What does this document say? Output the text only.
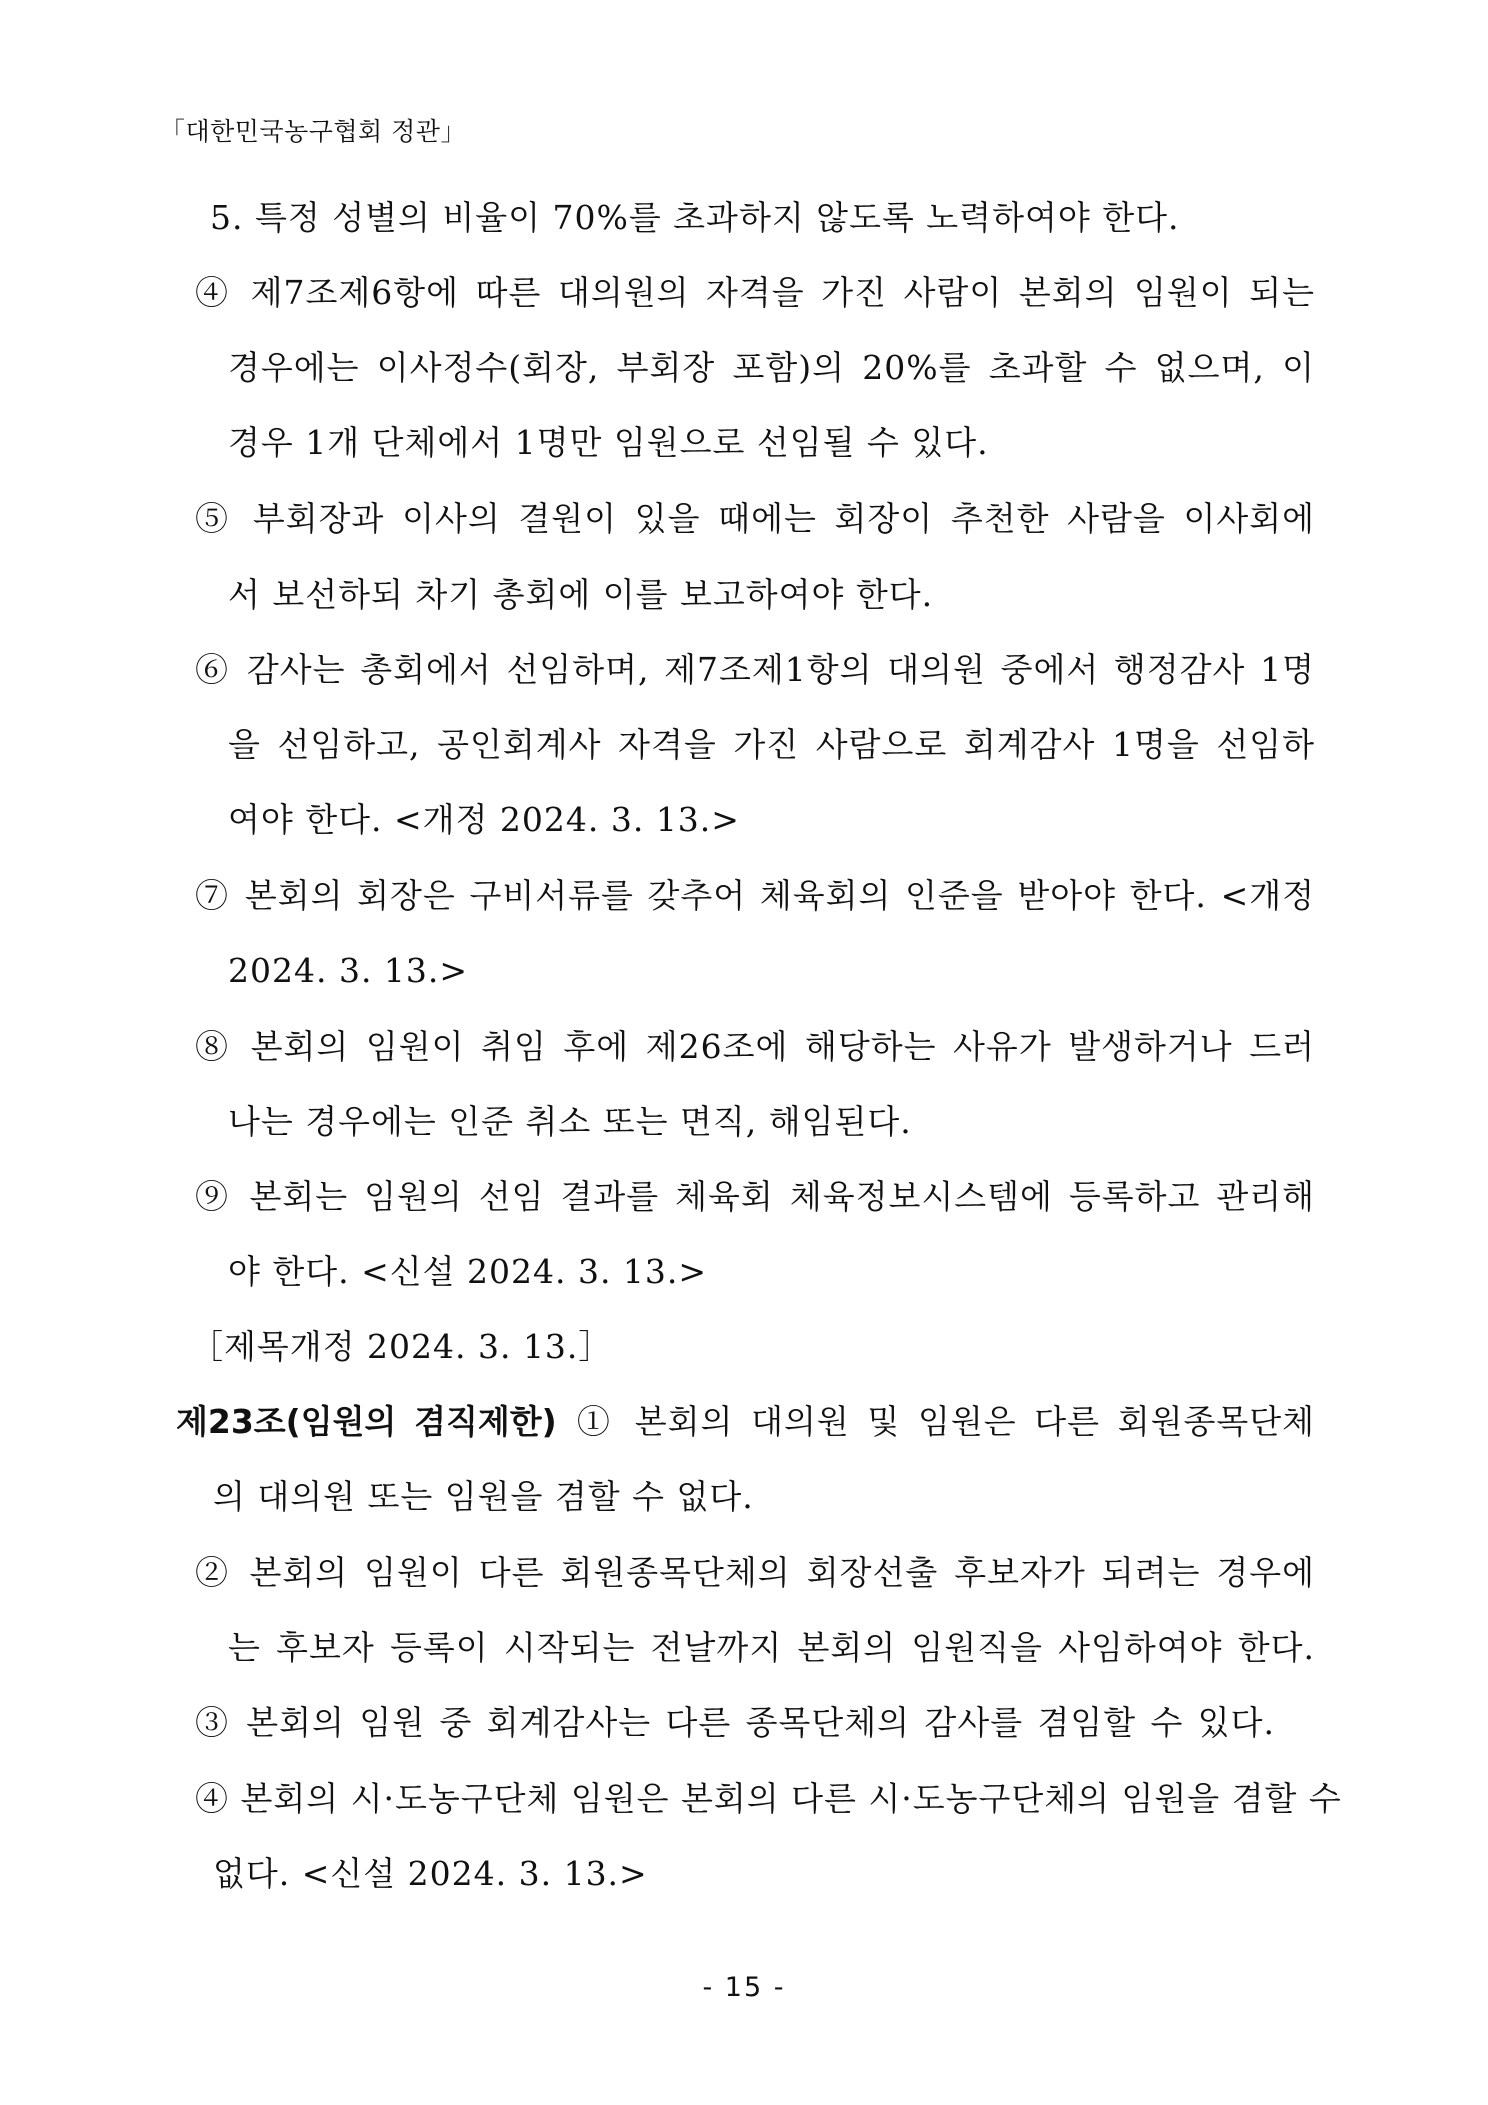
「대한민국농구협회 정관」
5. 특정 성별의 비율이 70%를 초과하지 않도록 노력하여야 한다.
④ 제7조제6항에 따른 대의원의 자격을 가진 사람이 본회의 임원이 되는
경우에는 이사정수(회장, 부회장 포함)의 20%를 초과할 수 없으며, 이
경우 1개 단체에서 1명만 임원으로 선임될 수 있다.
⑤ 부회장과 이사의 결원이 있을 때에는 회장이 추천한 사람을 이사회에
서 보선하되 차기 총회에 이를 보고하여야 한다.
⑥ 감사는 총회에서 선임하며, 제7조제1항의 대의원 중에서 행정감사 1명
을 선임하고, 공인회계사 자격을 가진 사람으로 회계감사 1명을 선임하
여야 한다. <개정 2024. 3. 13.>
⑦ 본회의 회장은 구비서류를 갖추어 체육회의 인준을 받아야 한다. <개정
2024. 3. 13.>
⑧ 본회의 임원이 취임 후에 제26조에 해당하는 사유가 발생하거나 드러
나는 경우에는 인준 취소 또는 면직, 해임된다.
⑨ 본회는 임원의 선임 결과를 체육회 체육정보시스템에 등록하고 관리해
야 한다. <신설 2024. 3. 13.>
［제목개정 2024. 3. 13.］
제23조(임원의 겸직제한) ① 본회의 대의원 및 임원은 다른 회원종목단체
의 대의원 또는 임원을 겸할 수 없다.
② 본회의 임원이 다른 회원종목단체의 회장선출 후보자가 되려는 경우에
는 후보자 등록이 시작되는 전날까지 본회의 임원직을 사임하여야 한다.
③ 본회의 임원 중 회계감사는 다른 종목단체의 감사를 겸임할 수 있다.
④ 본회의 시·도농구단체 임원은 본회의 다른 시·도농구단체의 임원을 겸할 수
없다. <신설 2024. 3. 13.>
- 15 -
